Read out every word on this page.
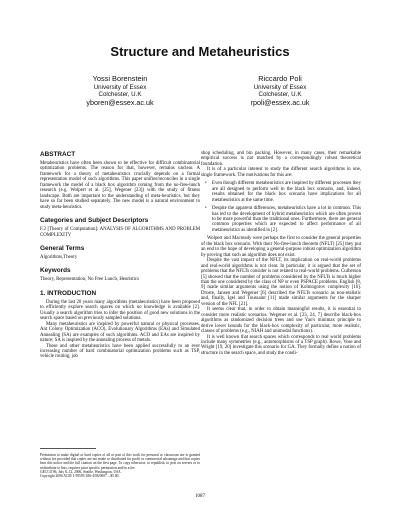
Structure and Metaheuristics
Yossi Borenstein
University of Essex
Colchester, U.K
yboren@essex.ac.uk
Riccardo Poli
University of Essex
Colchester, U.K
rpoli@essex.ac.uk
ABSTRACT

Metaheuristics have often been shown to be effective for difficult combinatorial optimization problems. The reason for that, however, remains unclear. A framework for a theory of metaheuristics crucially depends on a formal representation model of such algorithms. This paper unifies/reconciles in a single framework the model of a black box algorithm coming from the no-free-lunch research (e.g. Wolpert et al. [25], Wegener [23]) with the study of fitness landscape. Both are important to the understanding of meta-heuristics, but they have so far been studied separately. The new model is a natural environment to study meta-heuristics.

Categories and Subject Descriptors

F.2 [Theory of Computation]: ANALYSIS OF ALGORITHMS AND PROBLEM COMPLEXITY

General Terms

Algorithms,Theory

Keywords

Theory, Representation, No Free Lunch, Heuristics

1. INTRODUCTION

During the last 20 years many algorithms (metaheuristics) have been proposed to efficiently explore search spaces on which no knowledge is available [2]. Usually a search algorithm tries to infer the position of good new solutions in the search space based on previously sampled solutions.

Many metaheuristics are inspired by powerful natural or physical processes. Ant Colony Optimization (ACO), Evolutionary Algorithms (EAs) and Simulated Annealing (SA) are examples of such algorithms. ACO and EAs are inspired by nature; SA is inspired by the annealing process of metals.

These and other metaheuristics have been applied successfully to an ever increasing number of hard combinatorial optimization problems such as TSP, vehicle routing, job

Permission to make digital or hard copies of all or part of this work for personal or classroom use is granted without fee provided that copies are not made or distributed for profit or commercial advantage and that copies bear this notice and the full citation on the first page. To copy otherwise, to republish, to post on servers or to redistribute to lists, requires prior specific permission and/or a fee.

GECCO'06, July 8–12, 2006, Seattle, Washington, USA.

Copyright 2006 ACM 1-59593-186-4/06/0007 ...$5.00.

shop scheduling, and bin packing. However, in many cases, their remarkable empirical success is not matched by a correspondingly robust theoretical foundation.

It is of a particular interest to study the different search algorithms in one, single framework. The motivations for this are:

• Even though different metaheuristics are inspired by different processes they are all designed to perform well in the black box scenario, and, indeed, results obtained for the black box scenario have implications for all metaheuristics at the same time.
• Despite the apparent differences, metaheuristics have a lot in common. This has led to the development of hybrid metaheuristics which are often proven to be more powerful than the traditional ones. Furthermore, there are general common properties which are expected to affect performance of all metaheuristics as identified in [2].

Wolpert and Macready were perhaps the first to consider the general properties of the black box scenario. With their No-free-lunch theorem (NFLT) [25] they put an end to the hope of developing a general-purpose robust optimization algorithm by proving that such an algorithm does not exist.

Despite the vast impact of the NFLT, its implication on real-world problems and real-world algorithms is not clear. In particular, it is argued that the set of problems that the NFLTs consider is not related to real-world problems. Culberson [5] showed that the number of problems considered by the NFLTs is much higher than the one considered by the class of NP or even PSPACE problems. English [8, 9] made similar arguments using the notion of Kolmogorov complexity [16]. Droste, Jansen and Wegener [6] described the NFLTs scenario as non-realistic and, finally, Igel and Toussaint [11] made similar arguments for the sharper version of the NFL [21].

It seems clear that, in order to obtain meaningful results, it is essential to consider more realistic scenarios. Wegener et al. [23, 24, 7] describe black-box algorithms as randomized decision trees and use Yao's minimax principle to derive lower bounds for the black-box complexity of particular, more realistic, classes of problems (e.g., NIAH and unimodal functions).

It is well known that search spaces which corresponds to real world problems include many symmetries (e.g., automorphisms of a TSP graph). Rowe, Vose and Wright [19, 20] investigate this scenario for GA. They formally define a notion of structure in the search space, and study the condi-

1087
